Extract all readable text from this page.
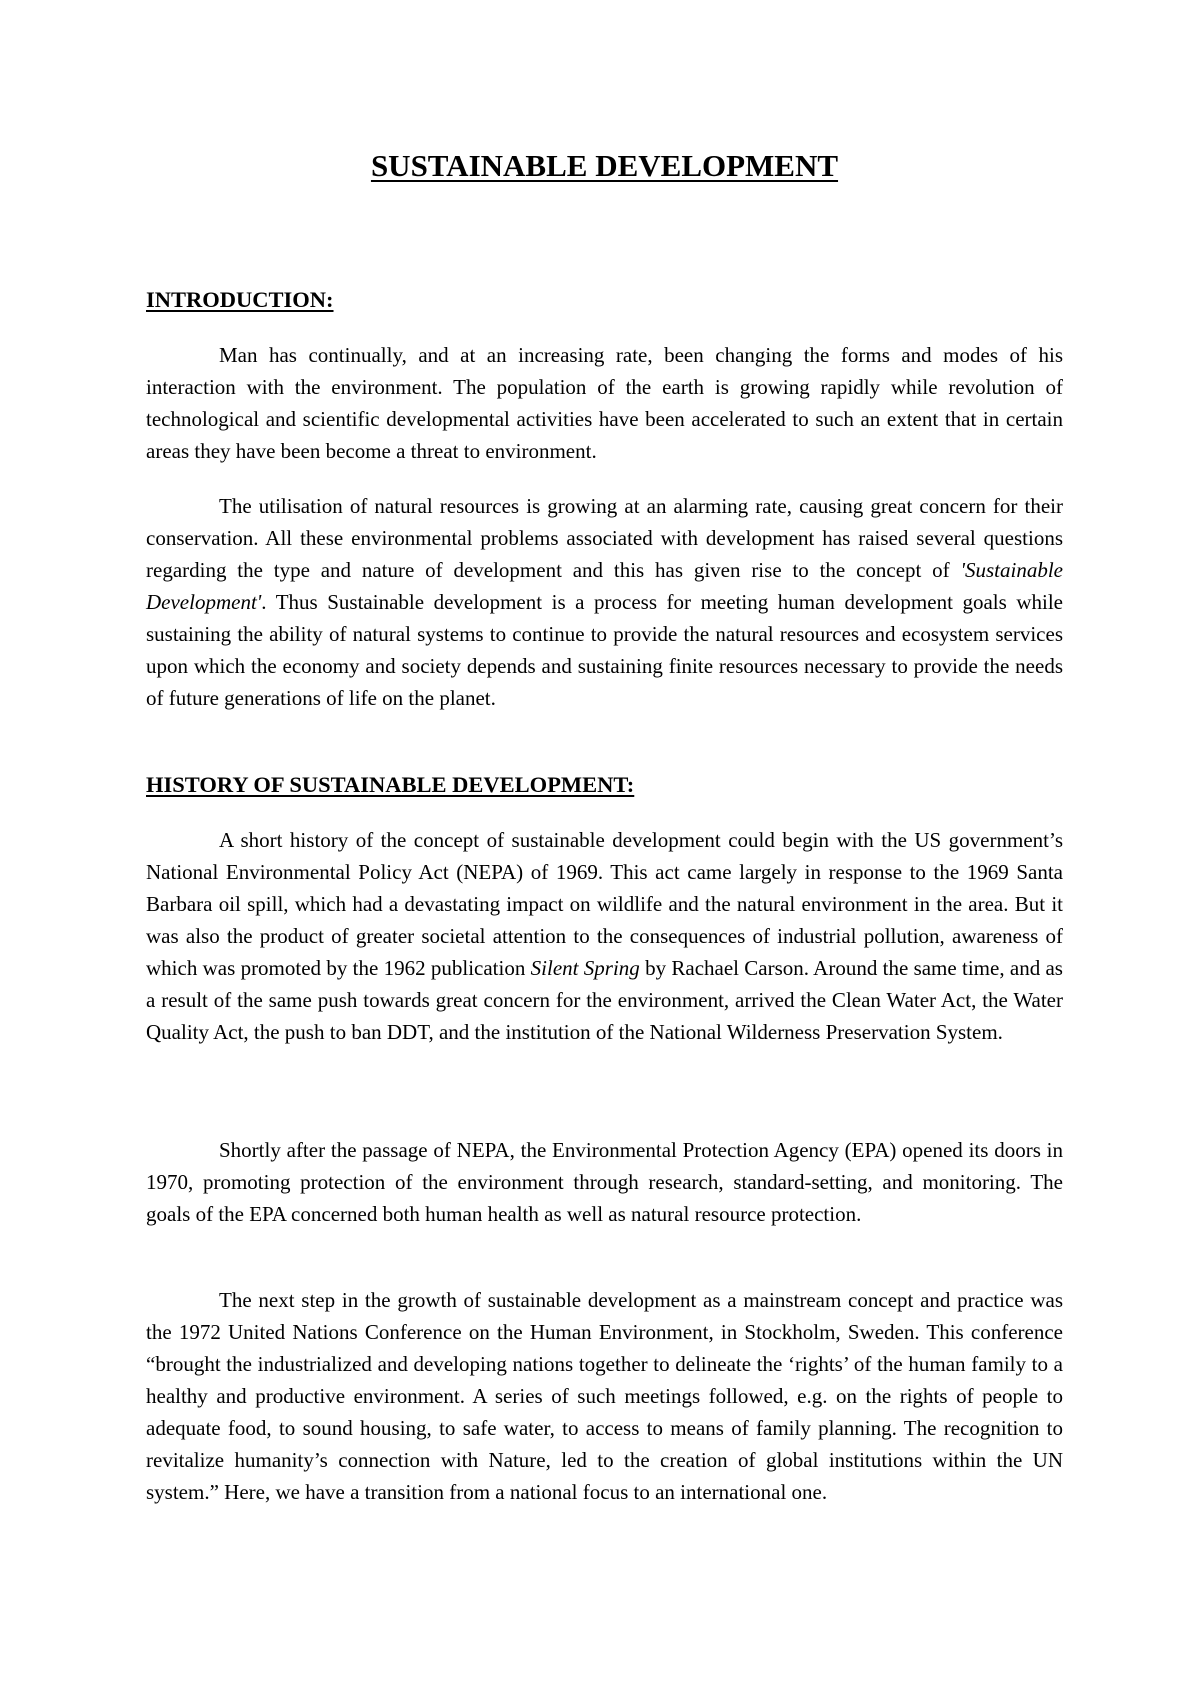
SUSTAINABLE DEVELOPMENT
INTRODUCTION:

Man has continually, and at an increasing rate, been changing the forms and modes of his interaction with the environment. The population of the earth is growing rapidly while revolution of technological and scientific developmental activities have been accelerated to such an extent that in certain areas they have been become a threat to environment.

The utilisation of natural resources is growing at an alarming rate, causing great concern for their conservation. All these environmental problems associated with development has raised several questions regarding the type and nature of development and this has given rise to the concept of 'Sustainable Development'. Thus Sustainable development is a process for meeting human development goals while sustaining the ability of natural systems to continue to provide the natural resources and ecosystem services upon which the economy and society depends and sustaining finite resources necessary to provide the needs of future generations of life on the planet.

HISTORY OF SUSTAINABLE DEVELOPMENT:

A short history of the concept of sustainable development could begin with the US government’s National Environmental Policy Act (NEPA) of 1969. This act came largely in response to the 1969 Santa Barbara oil spill, which had a devastating impact on wildlife and the natural environment in the area. But it was also the product of greater societal attention to the consequences of industrial pollution, awareness of which was promoted by the 1962 publication Silent Spring by Rachael Carson. Around the same time, and as a result of the same push towards great concern for the environment, arrived the Clean Water Act, the Water Quality Act, the push to ban DDT, and the institution of the National Wilderness Preservation System.

Shortly after the passage of NEPA, the Environmental Protection Agency (EPA) opened its doors in 1970, promoting protection of the environment through research, standard-setting, and monitoring. The goals of the EPA concerned both human health as well as natural resource protection.

The next step in the growth of sustainable development as a mainstream concept and practice was the 1972 United Nations Conference on the Human Environment, in Stockholm, Sweden. This conference “brought the industrialized and developing nations together to delineate the ‘rights’ of the human family to a healthy and productive environment. A series of such meetings followed, e.g. on the rights of people to adequate food, to sound housing, to safe water, to access to means of family planning. The recognition to revitalize humanity’s connection with Nature, led to the creation of global institutions within the UN system.” Here, we have a transition from a national focus to an international one.
